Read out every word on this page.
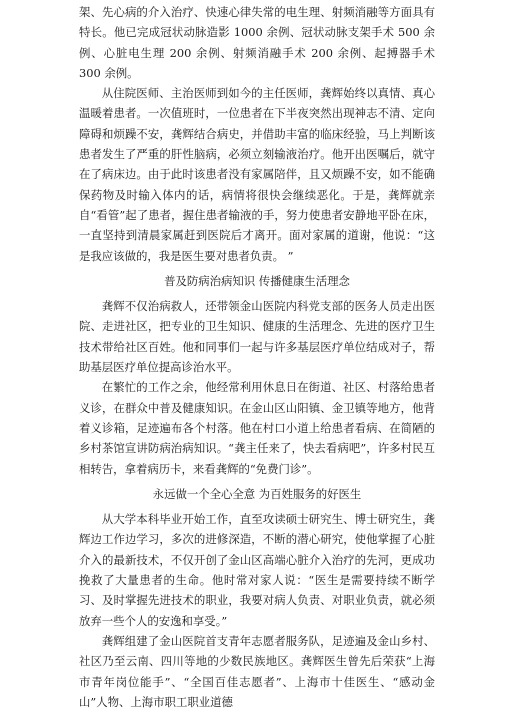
架、先心病的介入治疗、快速心律失常的电生理、射频消融等方面具有特长。他已完成冠状动脉造影 1000 余例、冠状动脉支架手术 500 余例、心脏电生理 200 余例、射频消融手术 200 余例、起搏器手术 300 余例。

从住院医师、主治医师到如今的主任医师，龚辉始终以真情、真心温暖着患者。一次值班时，一位患者在下半夜突然出现神志不清、定向障碍和烦躁不安，龚辉结合病史，并借助丰富的临床经验，马上判断该患者发生了严重的肝性脑病，必须立刻输液治疗。他开出医嘱后，就守在了病床边。由于此时该患者没有家属陪伴，且又烦躁不安，如不能确保药物及时输入体内的话，病情将很快会继续恶化。于是，龚辉就亲自“看管”起了患者，握住患者输液的手，努力使患者安静地平卧在床，一直坚持到清晨家属赶到医院后才离开。面对家属的道谢，他说：“这是我应该做的，我是医生要对患者负责。 ”

普及防病治病知识 传播健康生活理念

龚辉不仅治病救人，还带领金山医院内科党支部的医务人员走出医院、走进社区，把专业的卫生知识、健康的生活理念、先进的医疗卫生技术带给社区百姓。他和同事们一起与许多基层医疗单位结成对子，帮助基层医疗单位提高诊治水平。

在繁忙的工作之余，他经常利用休息日在街道、社区、村落给患者义诊，在群众中普及健康知识。在金山区山阳镇、金卫镇等地方，他背着义诊箱，足迹遍布各个村落。他在村口小道上给患者看病、在简陋的乡村茶馆宣讲防病治病知识。“龚主任来了，快去看病吧”，许多村民互相转告，拿着病历卡，来看龚辉的“免费门诊”。

永远做一个全心全意 为百姓服务的好医生

从大学本科毕业开始工作，直至攻读硕士研究生、博士研究生，龚辉边工作边学习，多次的进修深造，不断的潜心研究，使他掌握了心脏介入的最新技术，不仅开创了金山区高端心脏介入治疗的先河，更成功挽救了大量患者的生命。他时常对家人说：“医生是需要持续不断学习、及时掌握先进技术的职业，我要对病人负责、对职业负责，就必须放弃一些个人的安逸和享受。”

龚辉组建了金山医院首支青年志愿者服务队，足迹遍及金山乡村、社区乃至云南、四川等地的少数民族地区。龚辉医生曾先后荣获“上海市青年岗位能手”、“全国百佳志愿者”、上海市十佳医生、“感动金山”人物、上海市职工职业道德
